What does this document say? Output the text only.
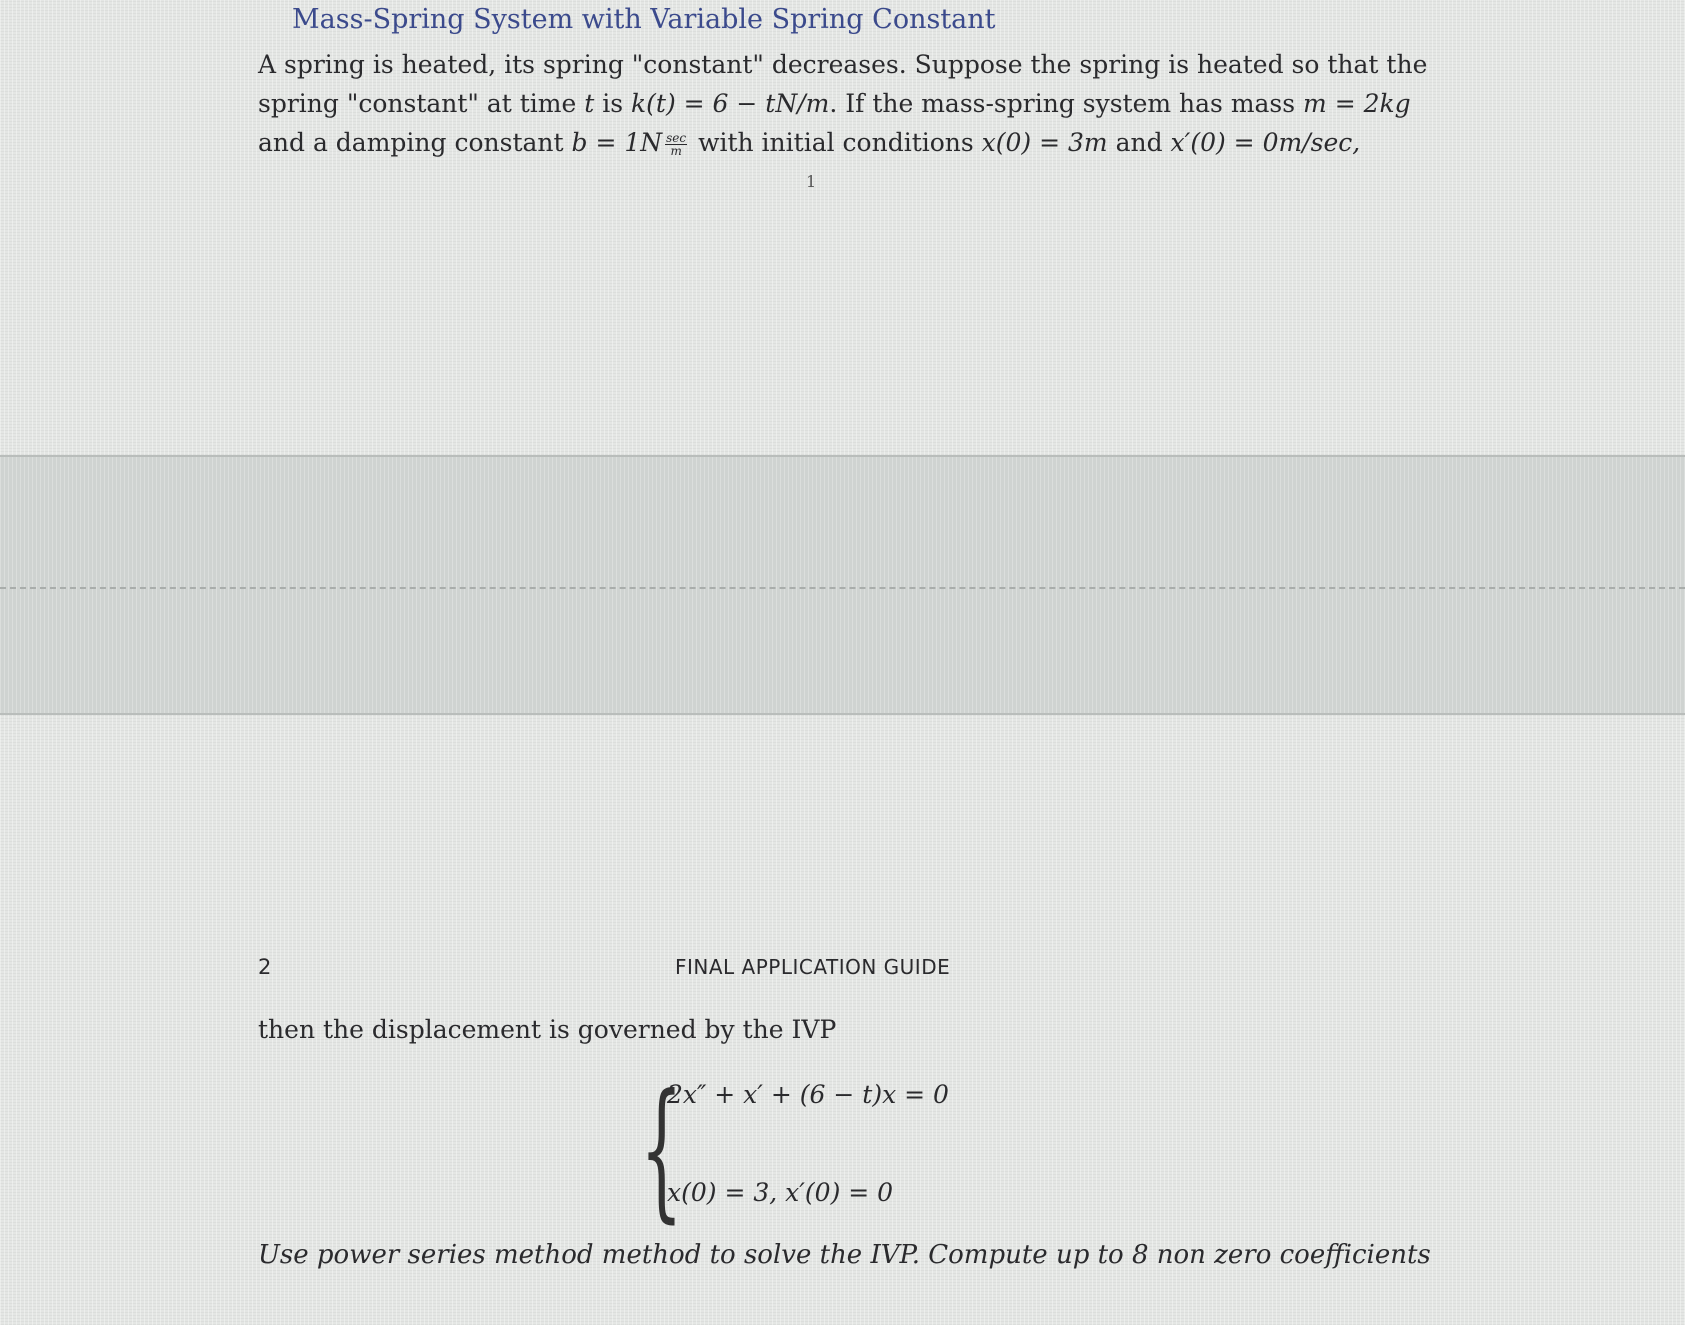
Mass-Spring System with Variable Spring Constant
A spring is heated, its spring "constant" decreases. Suppose the spring is heated so that the
spring "constant" at time t is k(t) = 6 − tN/m. If the mass-spring system has mass m = 2kg
and a damping constant $b = 1N \frac{\sec}{m}$ with initial conditions x(0) = 3m and x′(0) = 0m/sec,
1
2	FINAL APPLICATION GUIDE
then the displacement is governed by the IVP
{
2x″ + x′ + (6 − t)x = 0
x(0) = 3, x′(0) = 0
Use power series method method to solve the IVP. Compute up to 8 non zero coefficients
